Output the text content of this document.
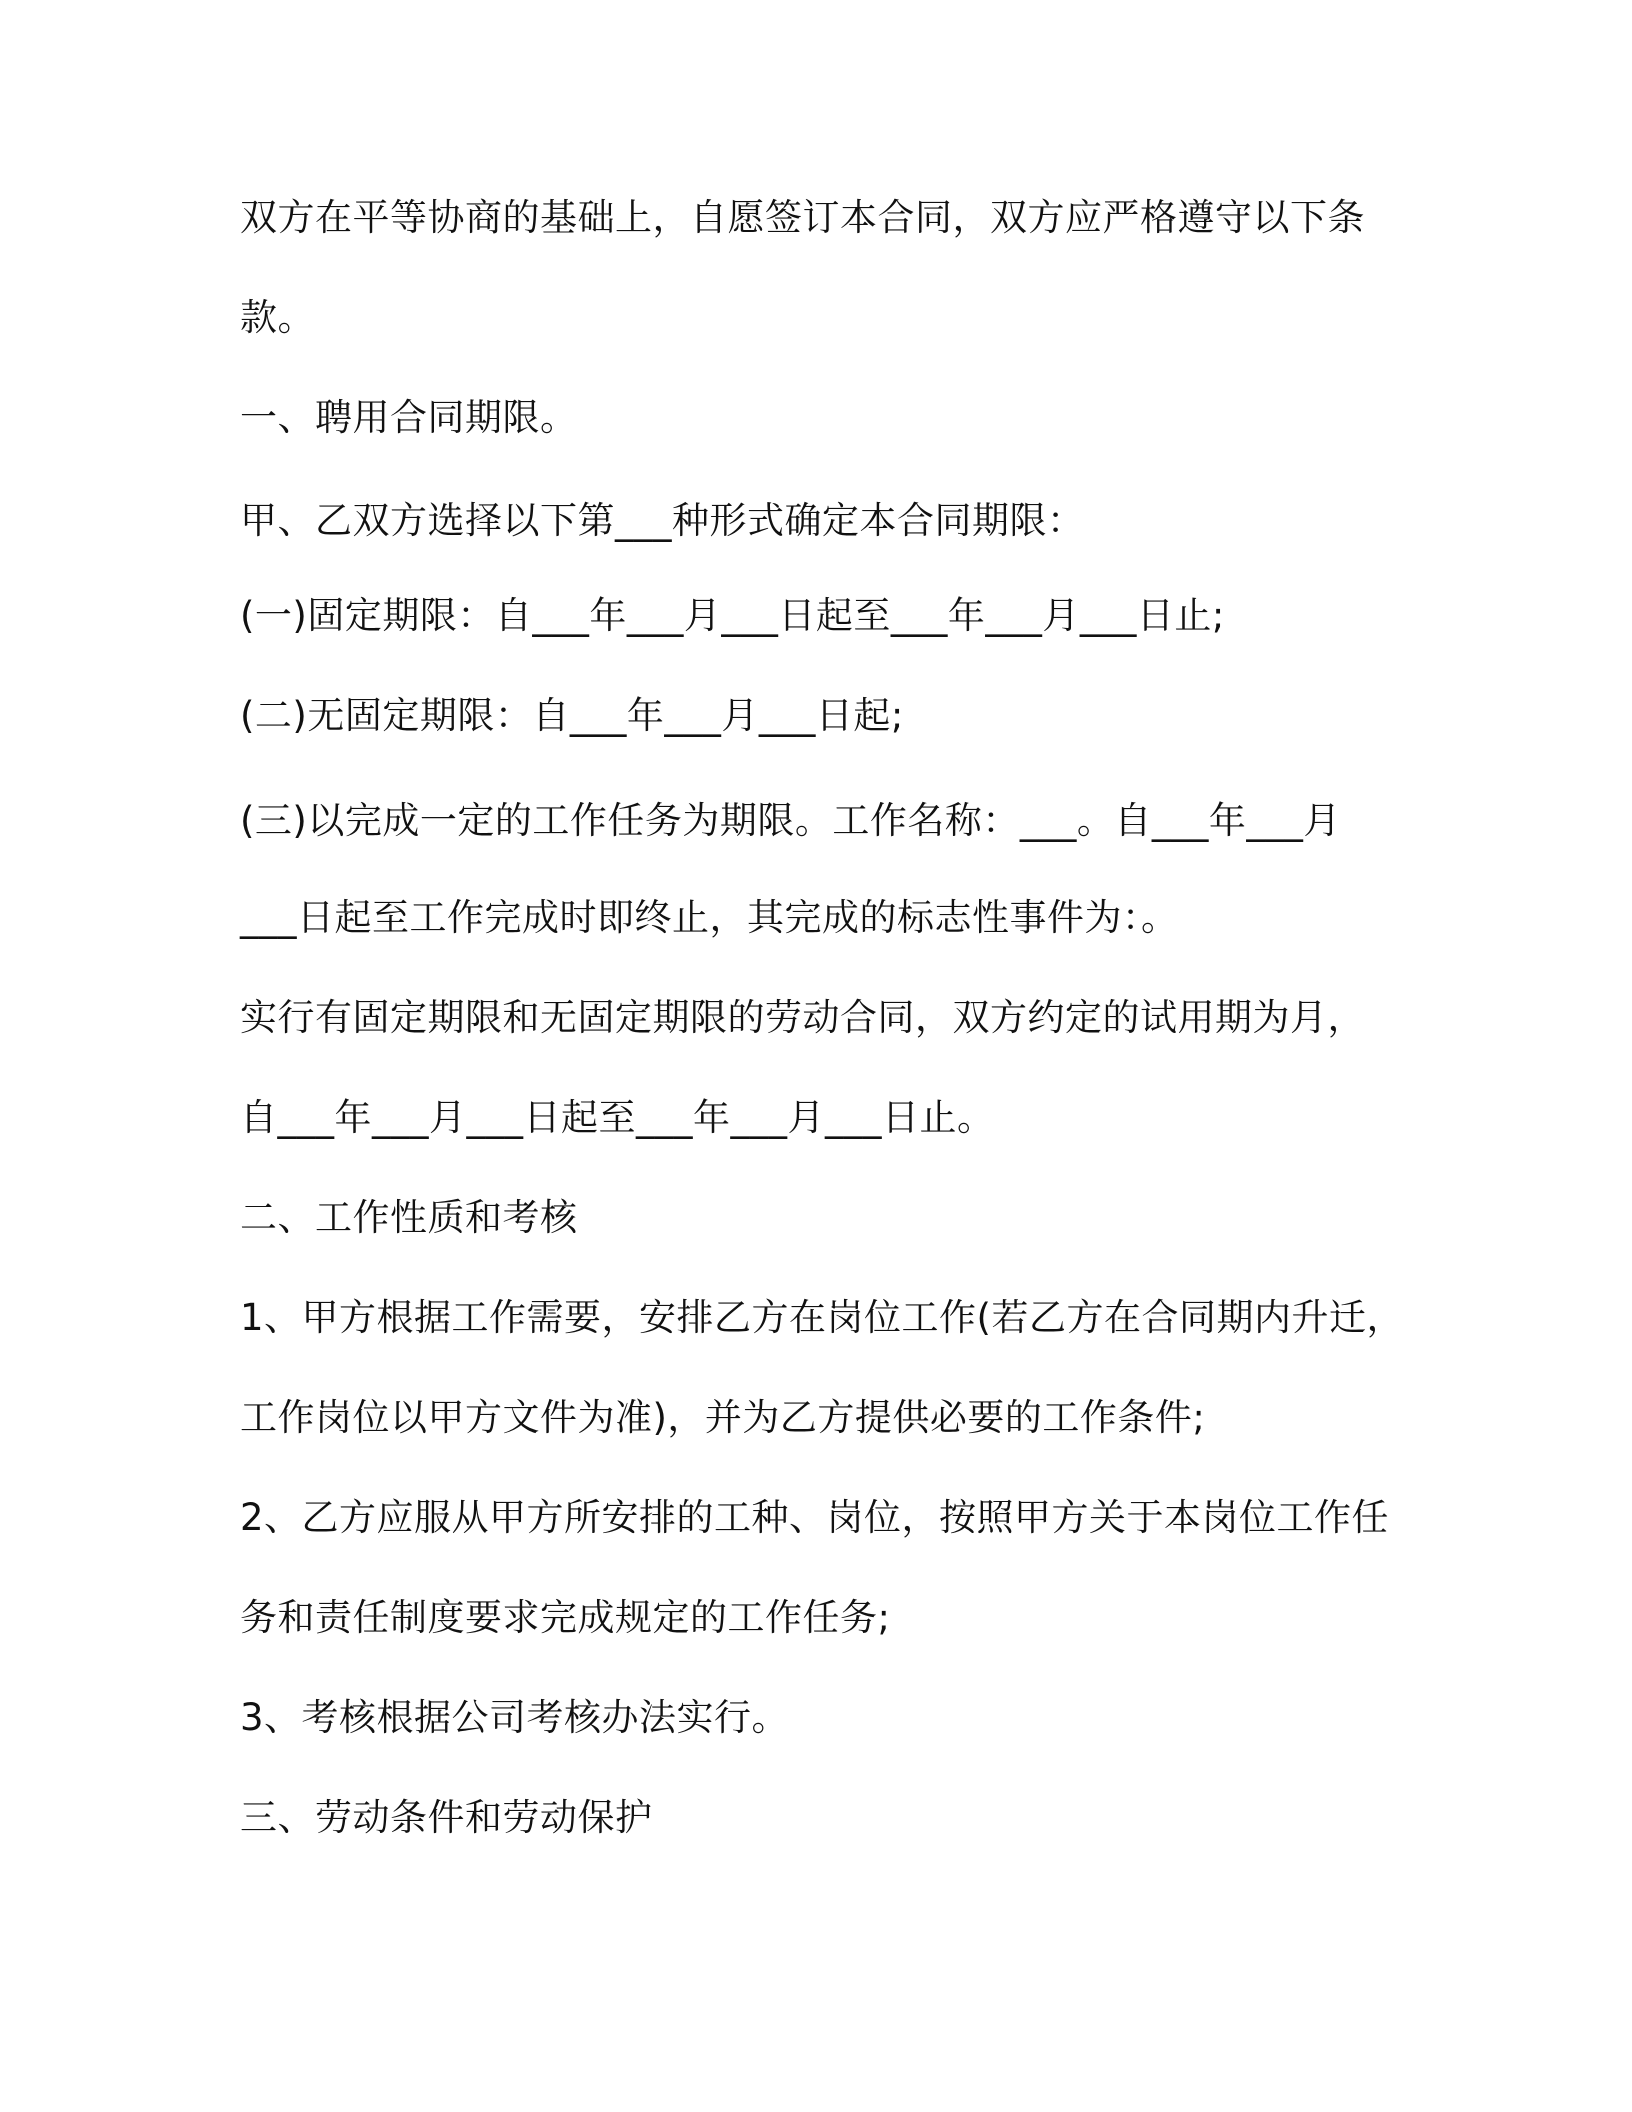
双方在平等协商的基础上，自愿签订本合同，双方应严格遵守以下条

款。

一、聘用合同期限。

甲、乙双方选择以下第___种形式确定本合同期限：

(一)固定期限：自___年___月___日起至___年___月___日止;

(二)无固定期限：自___年___月___日起;

(三)以完成一定的工作任务为期限。工作名称：___。自___年___月

___日起至工作完成时即终止，其完成的标志性事件为：。

实行有固定期限和无固定期限的劳动合同，双方约定的试用期为月，

自___年___月___日起至___年___月___日止。

二、工作性质和考核

1、甲方根据工作需要，安排乙方在岗位工作(若乙方在合同期内升迁，

工作岗位以甲方文件为准)，并为乙方提供必要的工作条件;

2、乙方应服从甲方所安排的工种、岗位，按照甲方关于本岗位工作任

务和责任制度要求完成规定的工作任务;

3、考核根据公司考核办法实行。

三、劳动条件和劳动保护
